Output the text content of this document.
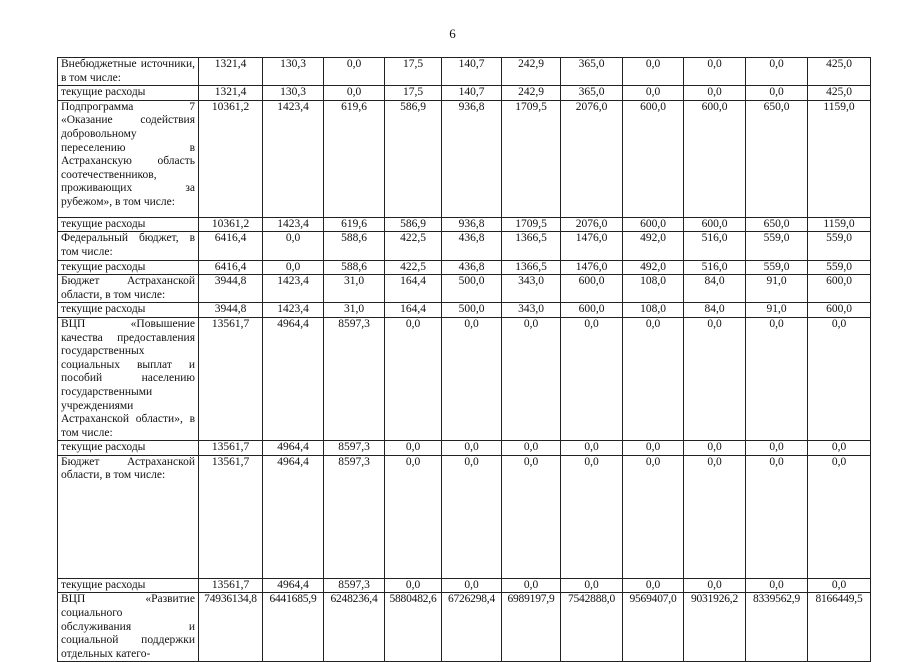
6
Внебюджетные источники, в том числе:	1321,4	130,3	0,0	17,5	140,7	242,9	365,0	0,0	0,0	0,0	425,0
текущие расходы	1321,4	130,3	0,0	17,5	140,7	242,9	365,0	0,0	0,0	0,0	425,0
Подпрограмма 7 «Оказание содействия добровольному переселению в Астраханскую область соотечественников, проживающих за рубежом», в том числе:	10361,2	1423,4	619,6	586,9	936,8	1709,5	2076,0	600,0	600,0	650,0	1159,0
текущие расходы	10361,2	1423,4	619,6	586,9	936,8	1709,5	2076,0	600,0	600,0	650,0	1159,0
Федеральный бюджет, в том числе:	6416,4	0,0	588,6	422,5	436,8	1366,5	1476,0	492,0	516,0	559,0	559,0
текущие расходы	6416,4	0,0	588,6	422,5	436,8	1366,5	1476,0	492,0	516,0	559,0	559,0
Бюджет Астраханской области, в том числе:	3944,8	1423,4	31,0	164,4	500,0	343,0	600,0	108,0	84,0	91,0	600,0
текущие расходы	3944,8	1423,4	31,0	164,4	500,0	343,0	600,0	108,0	84,0	91,0	600,0
ВЦП «Повышение качества предоставления государственных социальных выплат и пособий населению государственными учреждениями Астраханской области», в том числе:	13561,7	4964,4	8597,3	0,0	0,0	0,0	0,0	0,0	0,0	0,0	0,0
текущие расходы	13561,7	4964,4	8597,3	0,0	0,0	0,0	0,0	0,0	0,0	0,0	0,0
Бюджет Астраханской области, в том числе:	13561,7	4964,4	8597,3	0,0	0,0	0,0	0,0	0,0	0,0	0,0	0,0
текущие расходы	13561,7	4964,4	8597,3	0,0	0,0	0,0	0,0	0,0	0,0	0,0	0,0
ВЦП «Развитие социального обслуживания и социальной поддержки отдельных катего-	74936134,8	6441685,9	6248236,4	5880482,6	6726298,4	6989197,9	7542888,0	9569407,0	9031926,2	8339562,9	8166449,5
